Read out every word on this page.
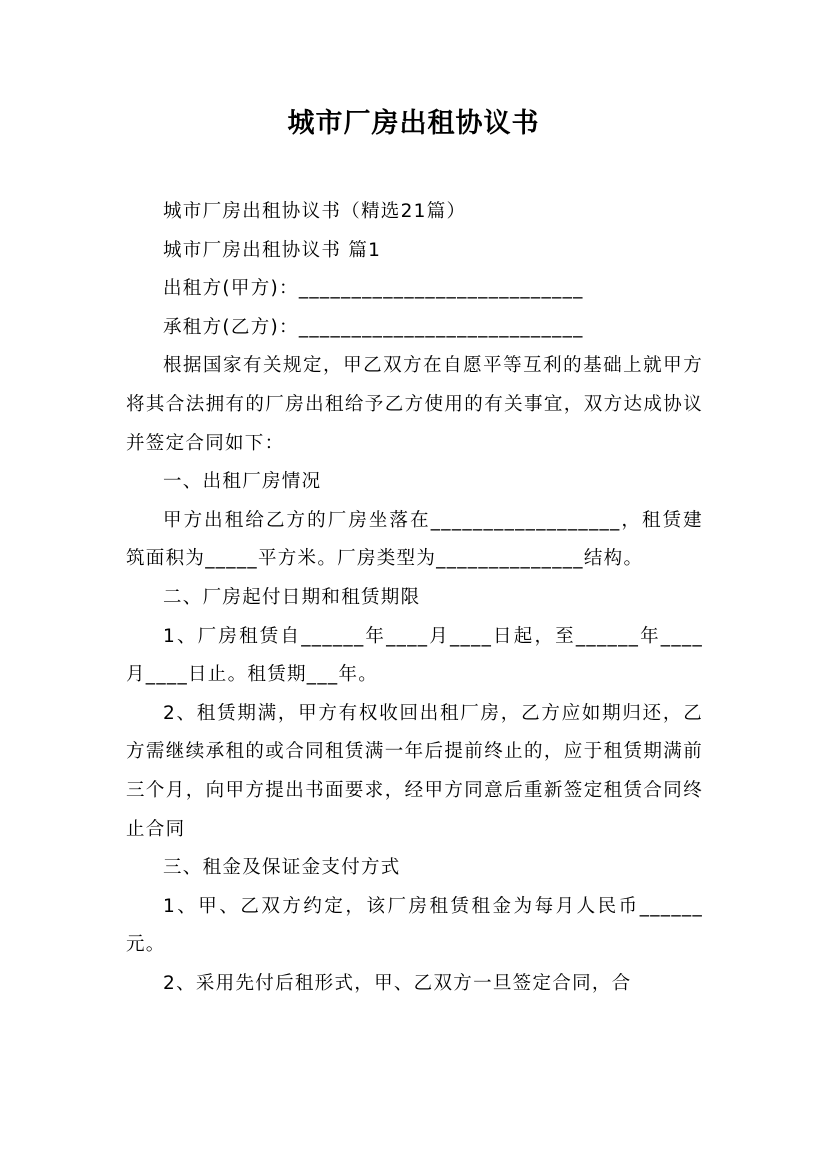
城市厂房出租协议书

城市厂房出租协议书（精选21篇）

城市厂房出租协议书 篇1

出租方(甲方)：___________________________

承租方(乙方)：___________________________

根据国家有关规定，甲乙双方在自愿平等互利的基础上就甲方将其合法拥有的厂房出租给予乙方使用的有关事宜，双方达成协议并签定合同如下：

一、出租厂房情况

甲方出租给乙方的厂房坐落在__________________，租赁建筑面积为_____平方米。厂房类型为______________结构。

二、厂房起付日期和租赁期限

1、厂房租赁自______年____月____日起，至______年____月____日止。租赁期___年。

2、租赁期满，甲方有权收回出租厂房，乙方应如期归还，乙方需继续承租的或合同租赁满一年后提前终止的，应于租赁期满前三个月，向甲方提出书面要求，经甲方同意后重新签定租赁合同终止合同

三、租金及保证金支付方式

1、甲、乙双方约定，该厂房租赁租金为每月人民币______元。

2、采用先付后租形式，甲、乙双方一旦签定合同，合
